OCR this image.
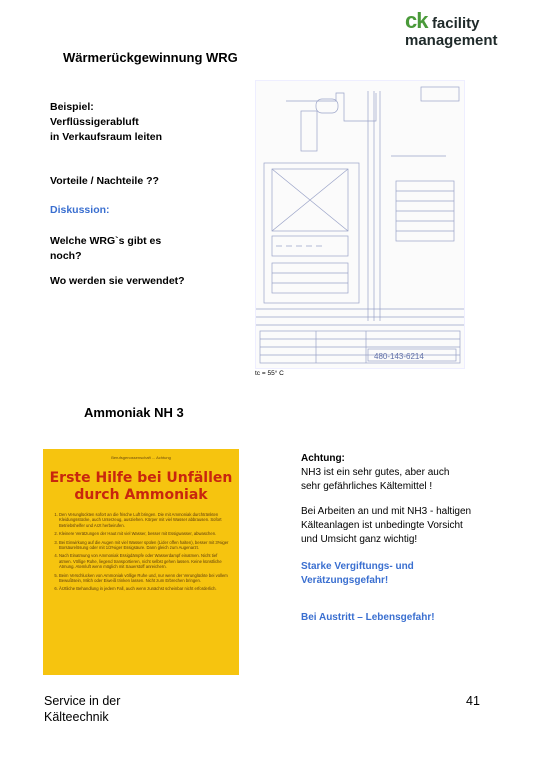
ck facility
management
Wärmerückgewinnung WRG
Beispiel:
Verflüssigerabluft
in Verkaufsraum leiten
Vorteile / Nachteile ??
Diskussion:
Welche WRG`s gibt es
noch?
Wo werden sie verwendet?
480-143-6214
tc = 55° C
Ammoniak NH 3
Berufsgenossenschaft ... Achtung
Erste Hilfe bei Unfällen
durch Ammoniak
1. Den Verunglückten sofort an die frische Luft bringen. Die mit Ammoniak durchtränkten Kleidungsstücke, auch Unterzeug, ausziehen. Körper mit viel Wasser abbrausen. Sofort Betriebshelfer und Arzt herbeirufen.
2. Kleinere Verätzungen der Haut mit viel Wasser, besser mit Essigwasser, abwaschen.
3. Bei Einwirkung auf die Augen mit viel Wasser spülen (Lider offen halten), besser mit 3%iger Borsäurelösung oder mit 1/2%iger Essigsäure. Dann gleich zum Augenarzt.
4. Nach Einatmung von Ammoniak Essigdämpfe oder Wasserdampf einatmen. Nicht tief atmen. Völlige Ruhe, liegend transportieren, nicht selbst gehen lassen. Keine künstliche Atmung. Atemluft wenn möglich mit Sauerstoff anreichern.
5. Beim Verschlucken von Ammoniak völlige Ruhe und, nur wenn der Verunglückte bei vollem Bewußtsein, Milch oder Eiweiß trinken lassen. Nicht zum Erbrechen bringen.
6. Ärztliche Behandlung in jedem Fall, auch wenn zunächst scheinbar nicht erforderlich.
Achtung:
NH3 ist ein sehr gutes, aber auch
sehr gefährliches Kältemittel !
Bei Arbeiten an und mit NH3 - haltigen
Kälteanlagen ist unbedingte Vorsicht
und Umsicht ganz wichtig!
Starke Vergiftungs- und
Verätzungsgefahr!
Bei Austritt – Lebensgefahr!
Service in der
Kälteechnik
41
